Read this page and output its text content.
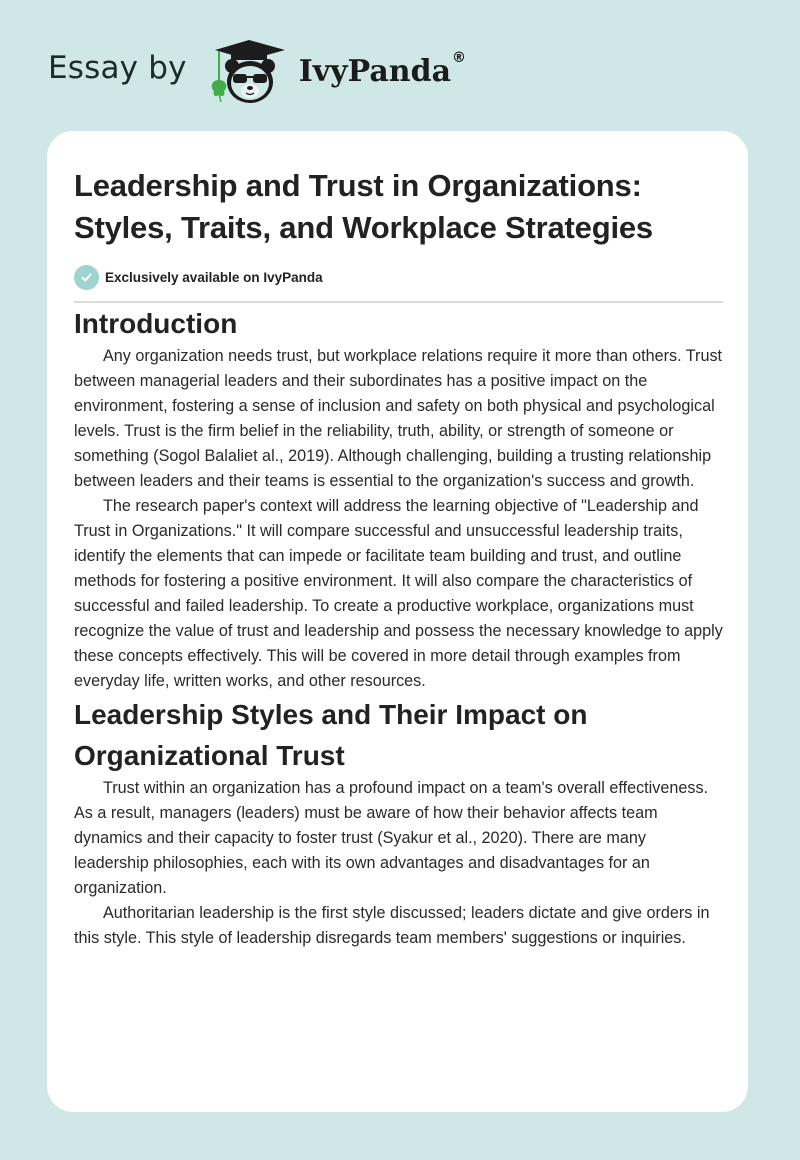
Essay by	IvyPanda®
Leadership and Trust in Organizations:
Styles, Traits, and Workplace Strategies
Exclusively available on IvyPanda
Introduction

Any organization needs trust, but workplace relations require it more than others. Trust between managerial leaders and their subordinates has a positive impact on the environment, fostering a sense of inclusion and safety on both physical and psychological levels. Trust is the firm belief in the reliability, truth, ability, or strength of someone or something (Sogol Balaliet al., 2019). Although challenging, building a trusting relationship between leaders and their teams is essential to the organization's success and growth.

The research paper's context will address the learning objective of "Leadership and Trust in Organizations." It will compare successful and unsuccessful leadership traits, identify the elements that can impede or facilitate team building and trust, and outline methods for fostering a positive environment. It will also compare the characteristics of successful and failed leadership. To create a productive workplace, organizations must recognize the value of trust and leadership and possess the necessary knowledge to apply these concepts effectively. This will be covered in more detail through examples from everyday life, written works, and other resources.

Leadership Styles and Their Impact on Organizational Trust

Trust within an organization has a profound impact on a team's overall effectiveness. As a result, managers (leaders) must be aware of how their behavior affects team dynamics and their capacity to foster trust (Syakur et al., 2020). There are many leadership philosophies, each with its own advantages and disadvantages for an organization.

Authoritarian leadership is the first style discussed; leaders dictate and give orders in this style. This style of leadership disregards team members' suggestions or inquiries.
